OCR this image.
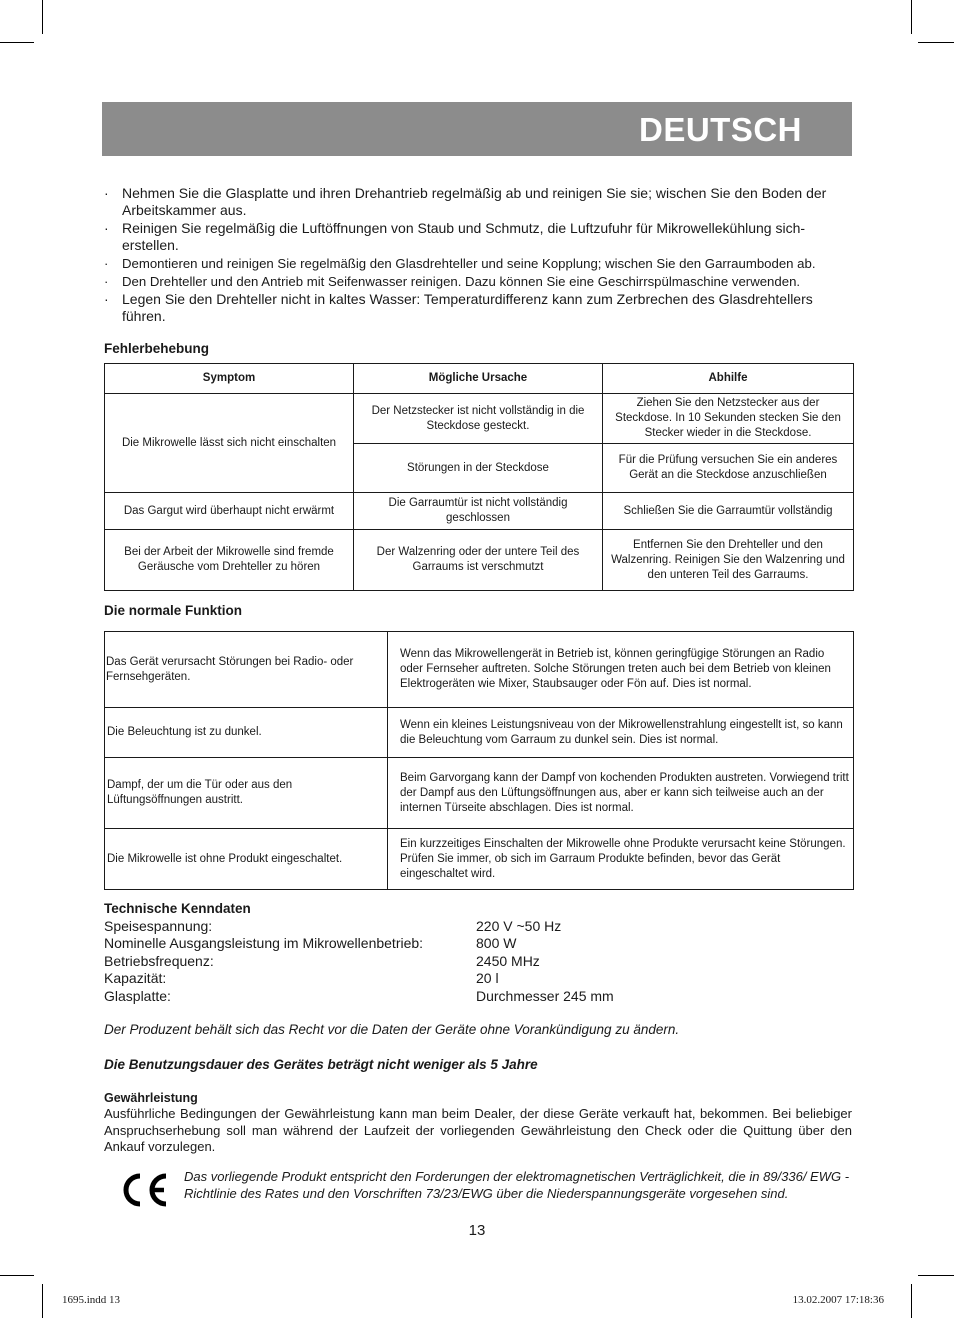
DEUTSCH
· Nehmen Sie die Glasplatte und ihren Drehantrieb regelmäßig ab und reinigen Sie sie; wischen Sie den Boden der Arbeitskammer aus.
· Reinigen Sie regelmäßig die Luftöffnungen von Staub und Schmutz, die Luftzufuhr für Mikrowellekühlung sicherstellen.
· Demontieren und reinigen Sie regelmäßig den Glasdrehteller und seine Kopplung; wischen Sie den Garraumboden ab.
· Den Drehteller und den Antrieb mit Seifenwasser reinigen. Dazu können Sie eine Geschirrspülmaschine verwenden.
· Legen Sie den Drehteller nicht in kaltes Wasser: Temperaturdifferenz kann zum Zerbrechen des Glasdrehtellers führen.
Fehlerbehebung
Symptom	Mögliche Ursache	Abhilfe
Die Mikrowelle lässt sich nicht einschalten	Der Netzstecker ist nicht vollständig in die Steckdose gesteckt.	Ziehen Sie den Netzstecker aus der Steckdose. In 10 Sekunden stecken Sie den Stecker wieder in die Steckdose.
	Störungen in der Steckdose	Für die Prüfung versuchen Sie ein anderes Gerät an die Steckdose anzuschließen
Das Gargut wird überhaupt nicht erwärmt	Die Garraumtür ist nicht vollständig geschlossen	Schließen Sie die Garraumtür vollständig
Bei der Arbeit der Mikrowelle sind fremde Geräusche vom Drehteller zu hören	Der Walzenring oder der untere Teil des Garraums ist verschmutzt	Entfernen Sie den Drehteller und den Walzenring. Reinigen Sie den Walzenring und den unteren Teil des Garraums.
Die normale Funktion
Das Gerät verursacht Störungen bei Radio- oder Fernsehgeräten.	Wenn das Mikrowellengerät in Betrieb ist, können geringfügige Störungen an Radio oder Fernseher auftreten. Solche Störungen treten auch bei dem Betrieb von kleinen Elektrogeräten wie Mixer, Staubsauger oder Fön auf. Dies ist normal.
Die Beleuchtung ist zu dunkel.	Wenn ein kleines Leistungsniveau von der Mikrowellenstrahlung eingestellt ist, so kann die Beleuchtung vom Garraum zu dunkel sein. Dies ist normal.
Dampf, der um die Tür oder aus den Lüftungsöffnungen austritt.	Beim Garvorgang kann der Dampf von kochenden Produkten austreten. Vorwiegend tritt der Dampf aus den Lüftungsöffnungen aus, aber er kann sich teilweise auch an der internen Türseite abschlagen. Dies ist normal.
Die Mikrowelle ist ohne Produkt eingeschaltet.	Ein kurzzeitiges Einschalten der Mikrowelle ohne Produkte verursacht keine Störungen. Prüfen Sie immer, ob sich im Garraum Produkte befinden, bevor das Gerät eingeschaltet wird.
Technische Kenndaten
Speisespannung:	220 V ~50 Hz
Nominelle Ausgangsleistung im Mikrowellenbetrieb:	800 W
Betriebsfrequenz:	2450 MHz
Kapazität:	20 l
Glasplatte:	Durchmesser 245 mm
Der Produzent behält sich das Recht vor die Daten der Geräte ohne Vorankündigung zu ändern.
Die Benutzungsdauer des Gerätes beträgt nicht weniger als 5 Jahre
Gewährleistung
Ausführliche Bedingungen der Gewährleistung kann man beim Dealer, der diese Geräte verkauft hat, bekommen. Bei beliebiger Anspruchserhebung soll man während der Laufzeit der vorliegenden Gewährleistung den Check oder die Quittung über den Ankauf vorzulegen.
Das vorliegende Produkt entspricht den Forderungen der elektromagnetischen Verträglichkeit, die in 89/336/ EWG -Richtlinie des Rates und den Vorschriften 73/23/EWG über die Niederspannungsgeräte vorgesehen sind.
13
1695.indd 13	13.02.2007 17:18:36
